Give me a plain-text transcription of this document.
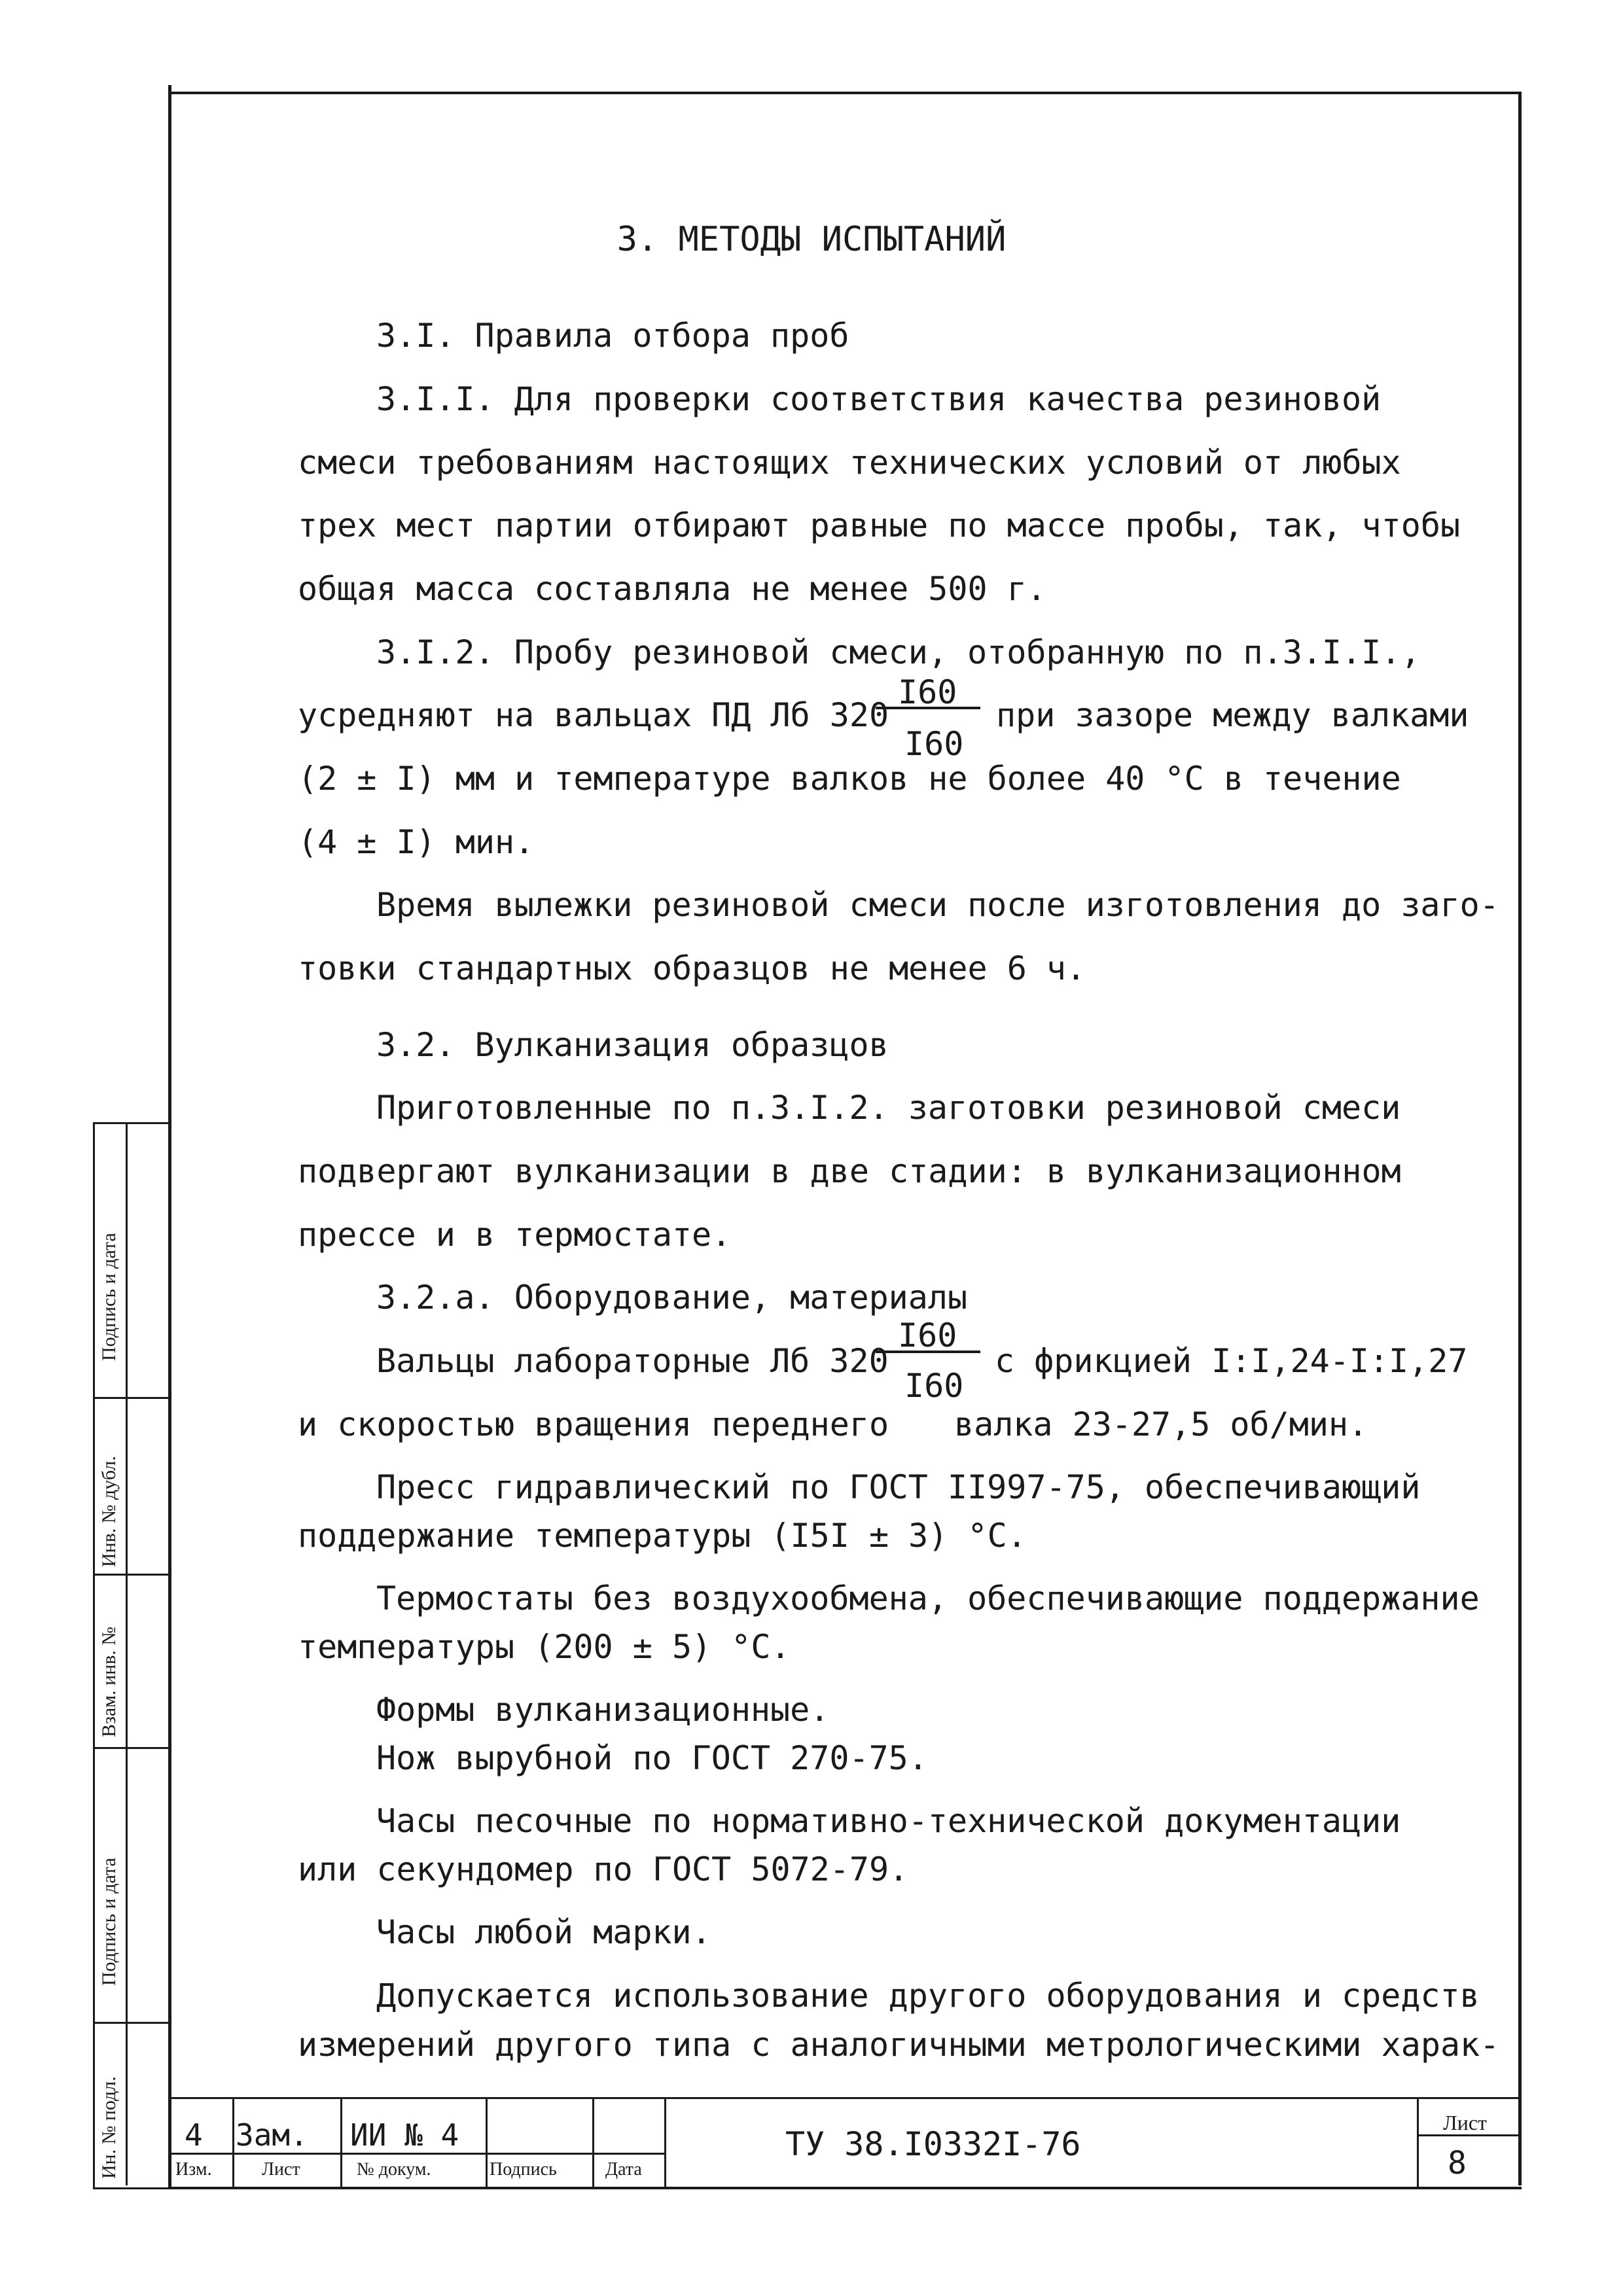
3. МЕТОДЫ ИСПЫТАНИЙ
3.I. Правила отбора проб
3.I.I. Для проверки соответствия качества резиновой
смеси требованиям настоящих технических условий от любых
трех мест партии отбирают равные по массе пробы, так, чтобы
общая масса составляла не менее 500 г.
3.I.2. Пробу резиновой смеси, отобранную по п.3.I.I.,
усредняют на вальцах ПД Лб 320
I60
I60
при зазоре между валками
(2 ± I) мм и температуре валков не более 40 °С в течение
(4 ± I) мин.
Время вылежки резиновой смеси после изготовления до заго-
товки стандартных образцов не менее 6 ч.
3.2. Вулканизация образцов
Приготовленные по п.3.I.2. заготовки резиновой смеси
подвергают вулканизации в две стадии: в вулканизационном
прессе и в термостате.
3.2.а. Оборудование, материалы
Вальцы лабораторные Лб 320
I60
I60
с фрикцией I:I,24-I:I,27
и скоростью вращения переднего валка 23-27,5 об/мин.
Пресс гидравлический по ГОСТ II997-75, обеспечивающий
поддержание температуры (I5I ± 3) °С.
Термостаты без воздухообмена, обеспечивающие поддержание
температуры (200 ± 5) °С.
Формы вулканизационные.
Нож вырубной по ГОСТ 270-75.
Часы песочные по нормативно-технической документации
или секундомер по ГОСТ 5072-79.
Часы любой марки.
Допускается использование другого оборудования и средств
измерений другого типа с аналогичными метрологическими харак-
Подпись и дата
Инв. № дубл.
Взам. инв. №
Подпись и дата
Ин. № подл. 4 Зам. ИИ № 4
Изм.	Лист	№ докум.	Подпись	Дата
ТУ 38.I0332I-76
Лист
8
